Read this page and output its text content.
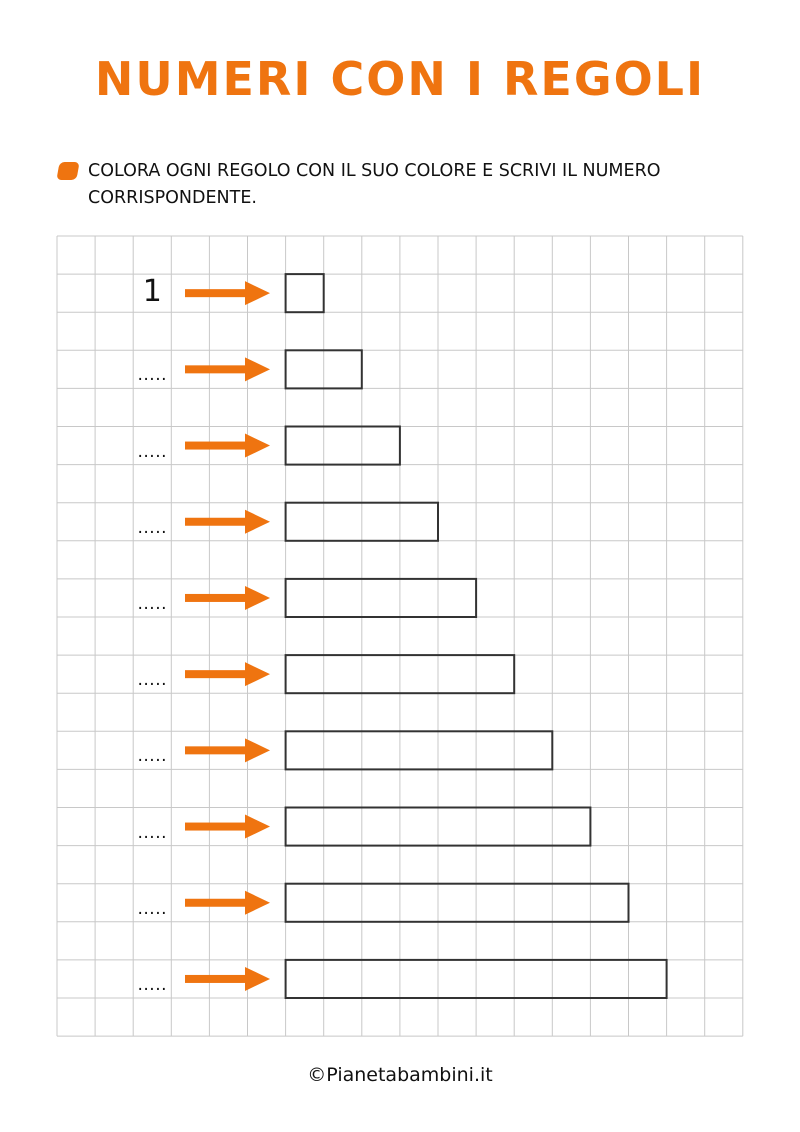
NUMERI CON I REGOLI
COLORA OGNI REGOLO CON IL SUO COLORE E SCRIVI IL NUMERO CORRISPONDENTE.
1
.....
.....
.....
.....
.....
.....
.....
.....
.....
©Pianetabambini.it
